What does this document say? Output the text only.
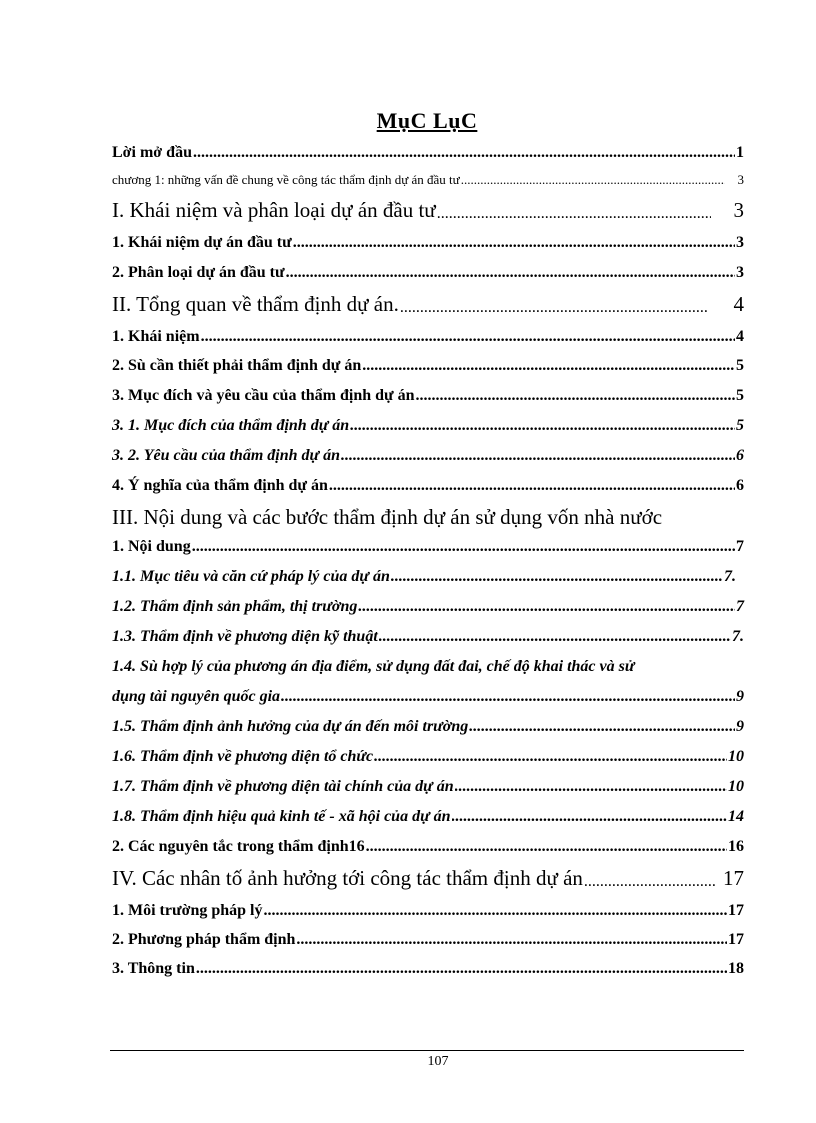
MụC LụC
Lời mở đầu .....	1
chương 1: những vấn đề chung về công tác thẩm định dự án đầu tư .....	3
I. Khái niệm và phân loại dự án đầu tư .....	3
1. Khái niệm dự án đầu tư .....	3
2. Phân loại dự án đầu tư .....	3
II. Tổng quan về thẩm định dự án. .....	4
1. Khái niệm .....	4
2. Sù cần thiết phải thẩm định dự án .....	5
3. Mục đích và yêu cầu của thẩm định dự án .....	5
3. 1. Mục đích của thẩm định dự án .....	5
3. 2. Yêu cầu của thẩm định dự án .....	6
4. Ý nghĩa của thẩm định dự án .....	6
III. Nội dung và các bước thẩm định dự án sử dụng vốn nhà nước
1. Nội dung .....	7
1.1. Mục tiêu và căn cứ pháp lý của dự án .....	7.
1.2. Thẩm định sản phẩm, thị trường .....	7
1.3. Thẩm định về phương diện kỹ thuật .....	7.
1.4. Sù hợp lý của phương án địa điểm, sử dụng đất đai, chế độ khai thác và sử
dụng tài nguyên quốc gia .....	9
1.5. Thẩm định ảnh hưởng của dự án đến môi trường .....	9
1.6. Thẩm định về phương diện tổ chức .....	10
1.7. Thẩm định về phương diện tài chính của dự án .....	10
1.8. Thẩm định hiệu quả kinh tế - xã hội của dự án .....	14
2. Các nguyên tắc trong thẩm định16 .....	16
IV. Các nhân tố ảnh hưởng tới công tác thẩm định dự án .....	17
1. Môi trường pháp lý .....	17
2. Phương pháp thẩm định .....	17
3. Thông tin .....	18
107
